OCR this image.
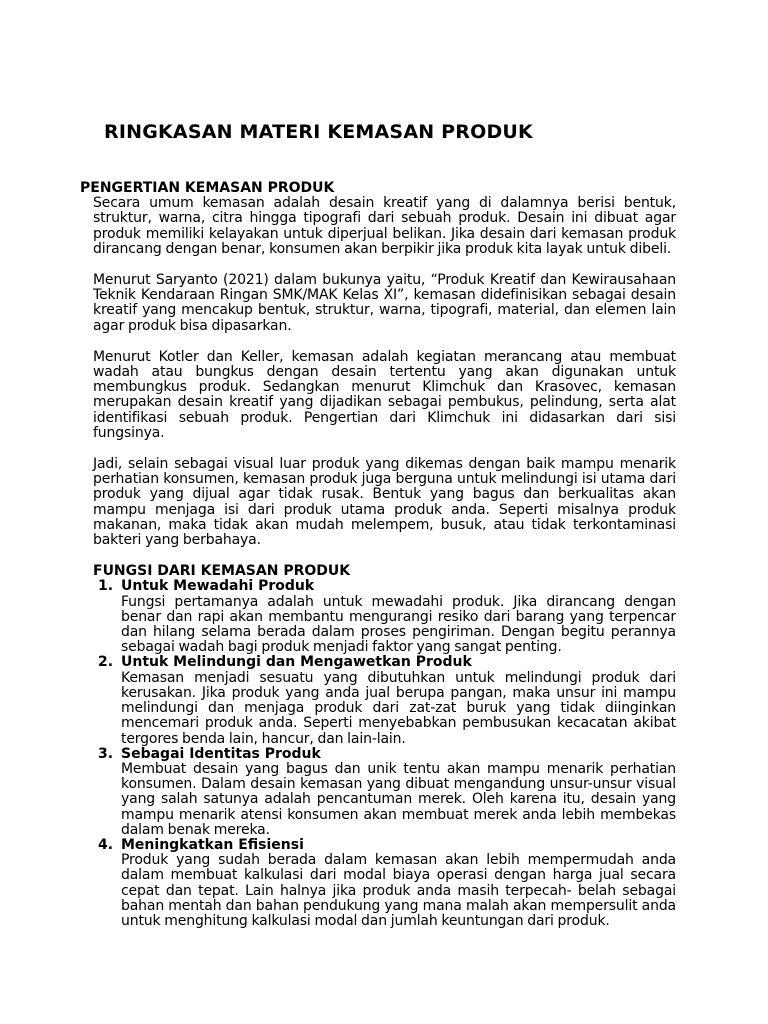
RINGKASAN MATERI KEMASAN PRODUK
PENGERTIAN KEMASAN PRODUK

Secara umum kemasan adalah desain kreatif yang di dalamnya berisi bentuk, struktur, warna, citra hingga tipografi dari sebuah produk. Desain ini dibuat agar produk memiliki kelayakan untuk diperjual belikan. Jika desain dari kemasan produk dirancang dengan benar, konsumen akan berpikir jika produk kita layak untuk dibeli.

Menurut Saryanto (2021) dalam bukunya yaitu, “Produk Kreatif dan Kewirausahaan Teknik Kendaraan Ringan SMK/MAK Kelas XI”, kemasan didefinisikan sebagai desain kreatif yang mencakup bentuk, struktur, warna, tipografi, material, dan elemen lain agar produk bisa dipasarkan.

Menurut Kotler dan Keller, kemasan adalah kegiatan merancang atau membuat wadah atau bungkus dengan desain tertentu yang akan digunakan untuk membungkus produk. Sedangkan menurut Klimchuk dan Krasovec, kemasan merupakan desain kreatif yang dijadikan sebagai pembukus, pelindung, serta alat identifikasi sebuah produk. Pengertian dari Klimchuk ini didasarkan dari sisi fungsinya.

Jadi, selain sebagai visual luar produk yang dikemas dengan baik mampu menarik perhatian konsumen, kemasan produk juga berguna untuk melindungi isi utama dari produk yang dijual agar tidak rusak. Bentuk yang bagus dan berkualitas akan mampu menjaga isi dari produk utama produk anda. Seperti misalnya produk makanan, maka tidak akan mudah melempem, busuk, atau tidak terkontaminasi bakteri yang berbahaya.

FUNGSI DARI KEMASAN PRODUK
1. Untuk Mewadahi Produk

Fungsi pertamanya adalah untuk mewadahi produk. Jika dirancang dengan benar dan rapi akan membantu mengurangi resiko dari barang yang terpencar dan hilang selama berada dalam proses pengiriman. Dengan begitu perannya sebagai wadah bagi produk menjadi faktor yang sangat penting.

2. Untuk Melindungi dan Mengawetkan Produk

Kemasan menjadi sesuatu yang dibutuhkan untuk melindungi produk dari kerusakan. Jika produk yang anda jual berupa pangan, maka unsur ini mampu melindungi dan menjaga produk dari zat-zat buruk yang tidak diinginkan mencemari produk anda. Seperti menyebabkan pembusukan kecacatan akibat tergores benda lain, hancur, dan lain-lain.

3. Sebagai Identitas Produk

Membuat desain yang bagus dan unik tentu akan mampu menarik perhatian konsumen. Dalam desain kemasan yang dibuat mengandung unsur-unsur visual yang salah satunya adalah pencantuman merek. Oleh karena itu, desain yang mampu menarik atensi konsumen akan membuat merek anda lebih membekas dalam benak mereka.

4. Meningkatkan Efisiensi

Produk yang sudah berada dalam kemasan akan lebih mempermudah anda dalam membuat kalkulasi dari modal biaya operasi dengan harga jual secara cepat dan tepat. Lain halnya jika produk anda masih terpecah- belah sebagai bahan mentah dan bahan pendukung yang mana malah akan mempersulit anda untuk menghitung kalkulasi modal dan jumlah keuntungan dari produk.
